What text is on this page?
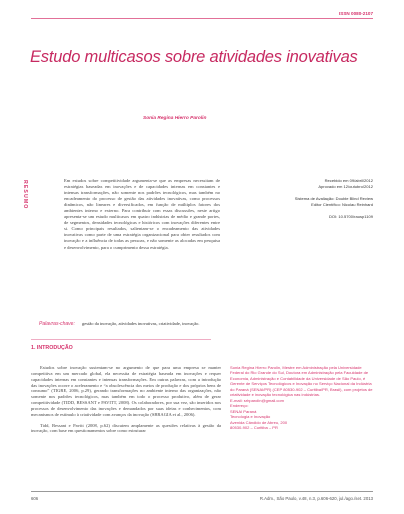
ISSN 0080-2107
Estudo multicasos sobre atividades inovativas
Sonia Regina Hierro Parolin
RESUMO	Em estudos sobre competitividade argumenta-se que as empresas necessitam de estratégias baseadas em inovações e de capacidades internas em constantes e intensas transformações, não somente nos padrões tecnológicos, mas também no encadeamento do processo de gestão das atividades inovativas, como processos dinâmicos, não lineares e diversificados, em função de múltiplos fatores dos ambientes interno e externo. Para contribuir com essas discussões, neste artigo apresenta-se um estudo multicasos em quatro indústrias de médio e grande portes, de segmentos, densidades tecnológicas e históricos com inovações diferentes entre si. Como principais resultados, salientam-se o encadeamento das atividades inovativas como parte de uma estratégia organizacional para obter resultados com inovação e a influência de todas as pessoas, e não somente as alocadas em pesquisa e desenvolvimento, para o cumprimento dessa estratégia.
Recebido em 09/abril/2012
Aprovado em 12/outubro/2012
Sistema de Avaliação: Double Blind Review
Editor Científico: Nicolau Reinhard
DOI: 10.5700/rausp1109
Palavras-chave: gestão da inovação, atividades inovativas, criatividade, inovação.
1. INTRODUÇÃO

Estudos sobre inovação sustentam-se no argumento de que para uma empresa se manter competitiva em um mercado global, ela necessita de estratégia baseada em inovações e requer capacidades internas em constantes e intensas transformações. Em outras palavras, com a introdução das inovações ocorre o aceleramento e “a obsolescência dos meios de produção e dos próprios bens de consumo” (TIGRE, 2006, p.29), gerando transformações no ambiente interno das organizações, não somente nos padrões tecnológicos, mas também em todo o processo produtivo, além de gerar competitividade (TIDD, BESSANT e PAVITT, 2008). Os colaboradores, por sua vez, são inseridos nos processos de desenvolvimento das inovações e demandados por suas ideias e conhecimentos, com mecanismos de estímulo à criatividade com avanços da inovação (SBRAGIA et al., 2006).

Tidd, Bessant e Pavitt (2008, p.62) discutem amplamente as questões relativas à gestão da inovação, com base em questionamentos sobre como estruturar

Sonia Regina Hierro Parolin, Mestre em Administração pela Universidade Federal do Rio Grande do Sul, Doutora em Administração pela Faculdade de Economia, Administração e Contabilidade da Universidade de São Paulo, é Gerente de Serviços Tecnológicos e Inovação no Serviço Nacional da Indústria do Paraná (SENAI/PR) (CEP 80530-902 – Curitiba/PR, Brasil), com projetos de criatividade e inovação tecnológica nas indústrias.
E-mail: srhparolin@gmail.com
Endereço:
SENAI Paraná
Tecnologia e Inovação
Avenida Cândido de Abreu, 200
80530-902 – Curitiba – PR
606	R.Adm., São Paulo, v.48, n.3, p.606-620, jul./ago./set. 2013
